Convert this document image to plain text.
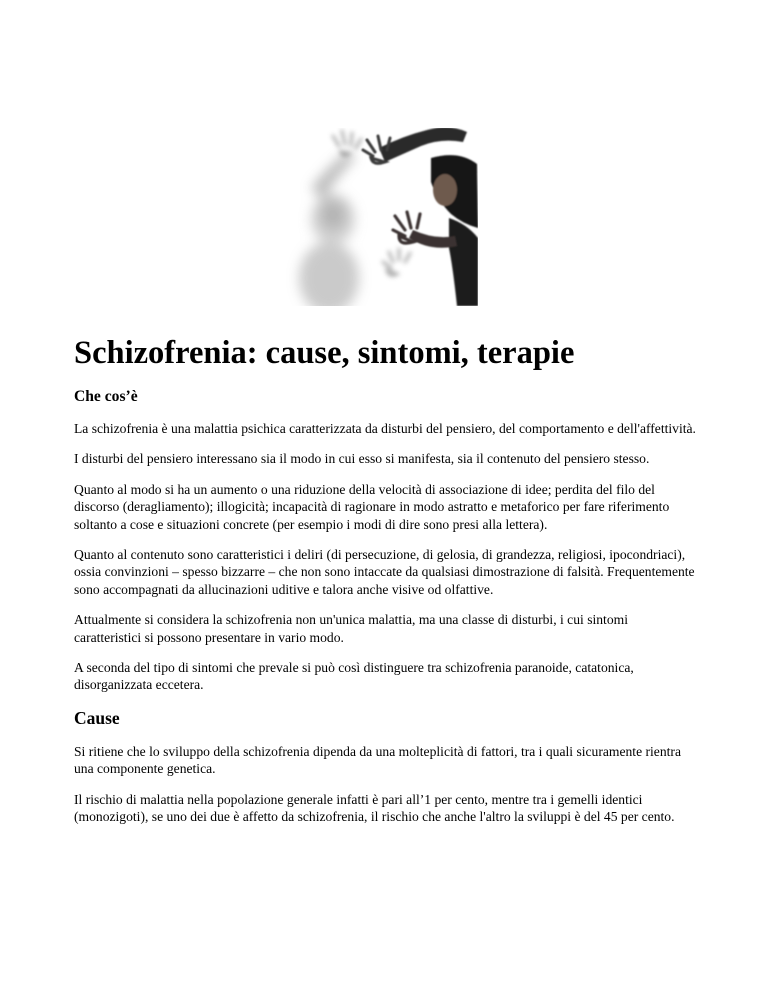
Schizofrenia: cause, sintomi, terapie
Che cos’è

La schizofrenia è una malattia psichica caratterizzata da disturbi del pensiero, del comportamento e dell'affettività.

I disturbi del pensiero interessano sia il modo in cui esso si manifesta, sia il contenuto del pensiero stesso.

Quanto al modo si ha un aumento o una riduzione della velocità di associazione di idee; perdita del filo del discorso (deragliamento); illogicità; incapacità di ragionare in modo astratto e metaforico per fare riferimento soltanto a cose e situazioni concrete (per esempio i modi di dire sono presi alla lettera).

Quanto al contenuto sono caratteristici i deliri (di persecuzione, di gelosia, di grandezza, religiosi, ipocondriaci), ossia convinzioni – spesso bizzarre – che non sono intaccate da qualsiasi dimostrazione di falsità. Frequentemente sono accompagnati da allucinazioni uditive e talora anche visive od olfattive.

Attualmente si considera la schizofrenia non un'unica malattia, ma una classe di disturbi, i cui sintomi caratteristici si possono presentare in vario modo.

A seconda del tipo di sintomi che prevale si può così distinguere tra schizofrenia paranoide, catatonica, disorganizzata eccetera.

Cause

Si ritiene che lo sviluppo della schizofrenia dipenda da una molteplicità di fattori, tra i quali sicuramente rientra una componente genetica.

Il rischio di malattia nella popolazione generale infatti è pari all’1 per cento, mentre tra i gemelli identici (monozigoti), se uno dei due è affetto da schizofrenia, il rischio che anche l'altro la sviluppi è del 45 per cento.
